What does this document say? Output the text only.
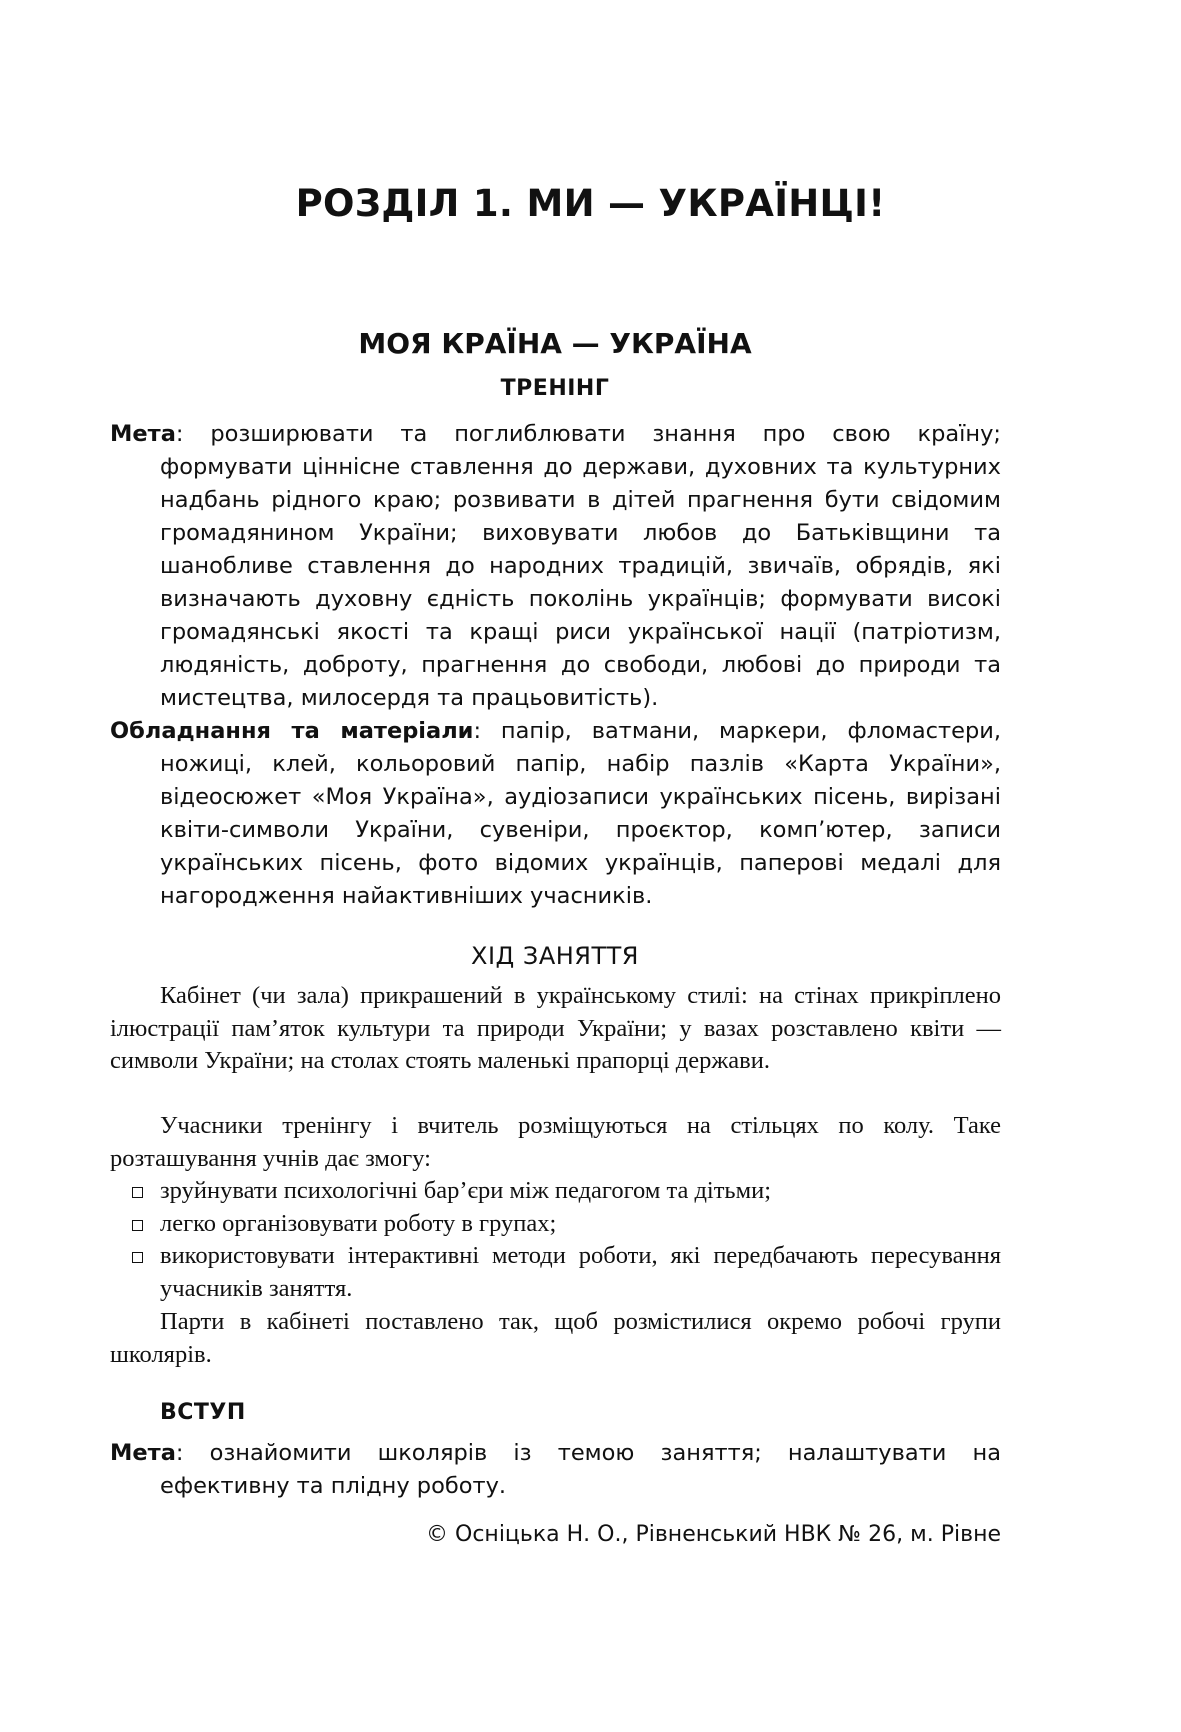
РОЗДІЛ 1. МИ — УКРАЇНЦІ!
МОЯ КРАЇНА — УКРАЇНА
ТРЕНІНГ
Мета: розширювати та поглиблювати знання про свою країну; формувати ціннісне ставлення до держави, духовних та культурних надбань рідного краю; розвивати в дітей прагнення бути свідомим громадянином України; виховувати любов до Батьківщини та шанобливе ставлення до народних традицій, звичаїв, обрядів, які визначають духовну єдність поколінь українців; формувати високі громадянські якості та кращі риси української нації (патріотизм, людяність, доброту, прагнення до свободи, любові до природи та мистецтва, милосердя та працьовитість).
Обладнання та матеріали: папір, ватмани, маркери, фломастери, ножиці, клей, кольоровий папір, набір пазлів «Карта України», відеосюжет «Моя Україна», аудіозаписи українських пісень, вирізані квіти-символи України, сувеніри, проєктор, комп’ютер, записи українських пісень, фото відомих українців, паперові медалі для нагородження найактивніших учасників.
ХІД ЗАНЯТТЯ
Кабінет (чи зала) прикрашений в українському стилі: на стінах прикріплено ілюстрації пам’яток культури та природи України; у вазах розставлено квіти — символи України; на столах стоять маленькі прапорці держави.
Учасники тренінгу і вчитель розміщуються на стільцях по колу. Таке розташування учнів дає змогу:
зруйнувати психологічні бар’єри між педагогом та дітьми;
легко організовувати роботу в групах;
використовувати інтерактивні методи роботи, які передбачають пересування учасників заняття.
Парти в кабінеті поставлено так, щоб розмістилися окремо робочі групи школярів.
ВСТУП
Мета: ознайомити школярів із темою заняття; налаштувати на ефективну та плідну роботу.
© Осніцька Н. О., Рівненський НВК № 26, м. Рівне
